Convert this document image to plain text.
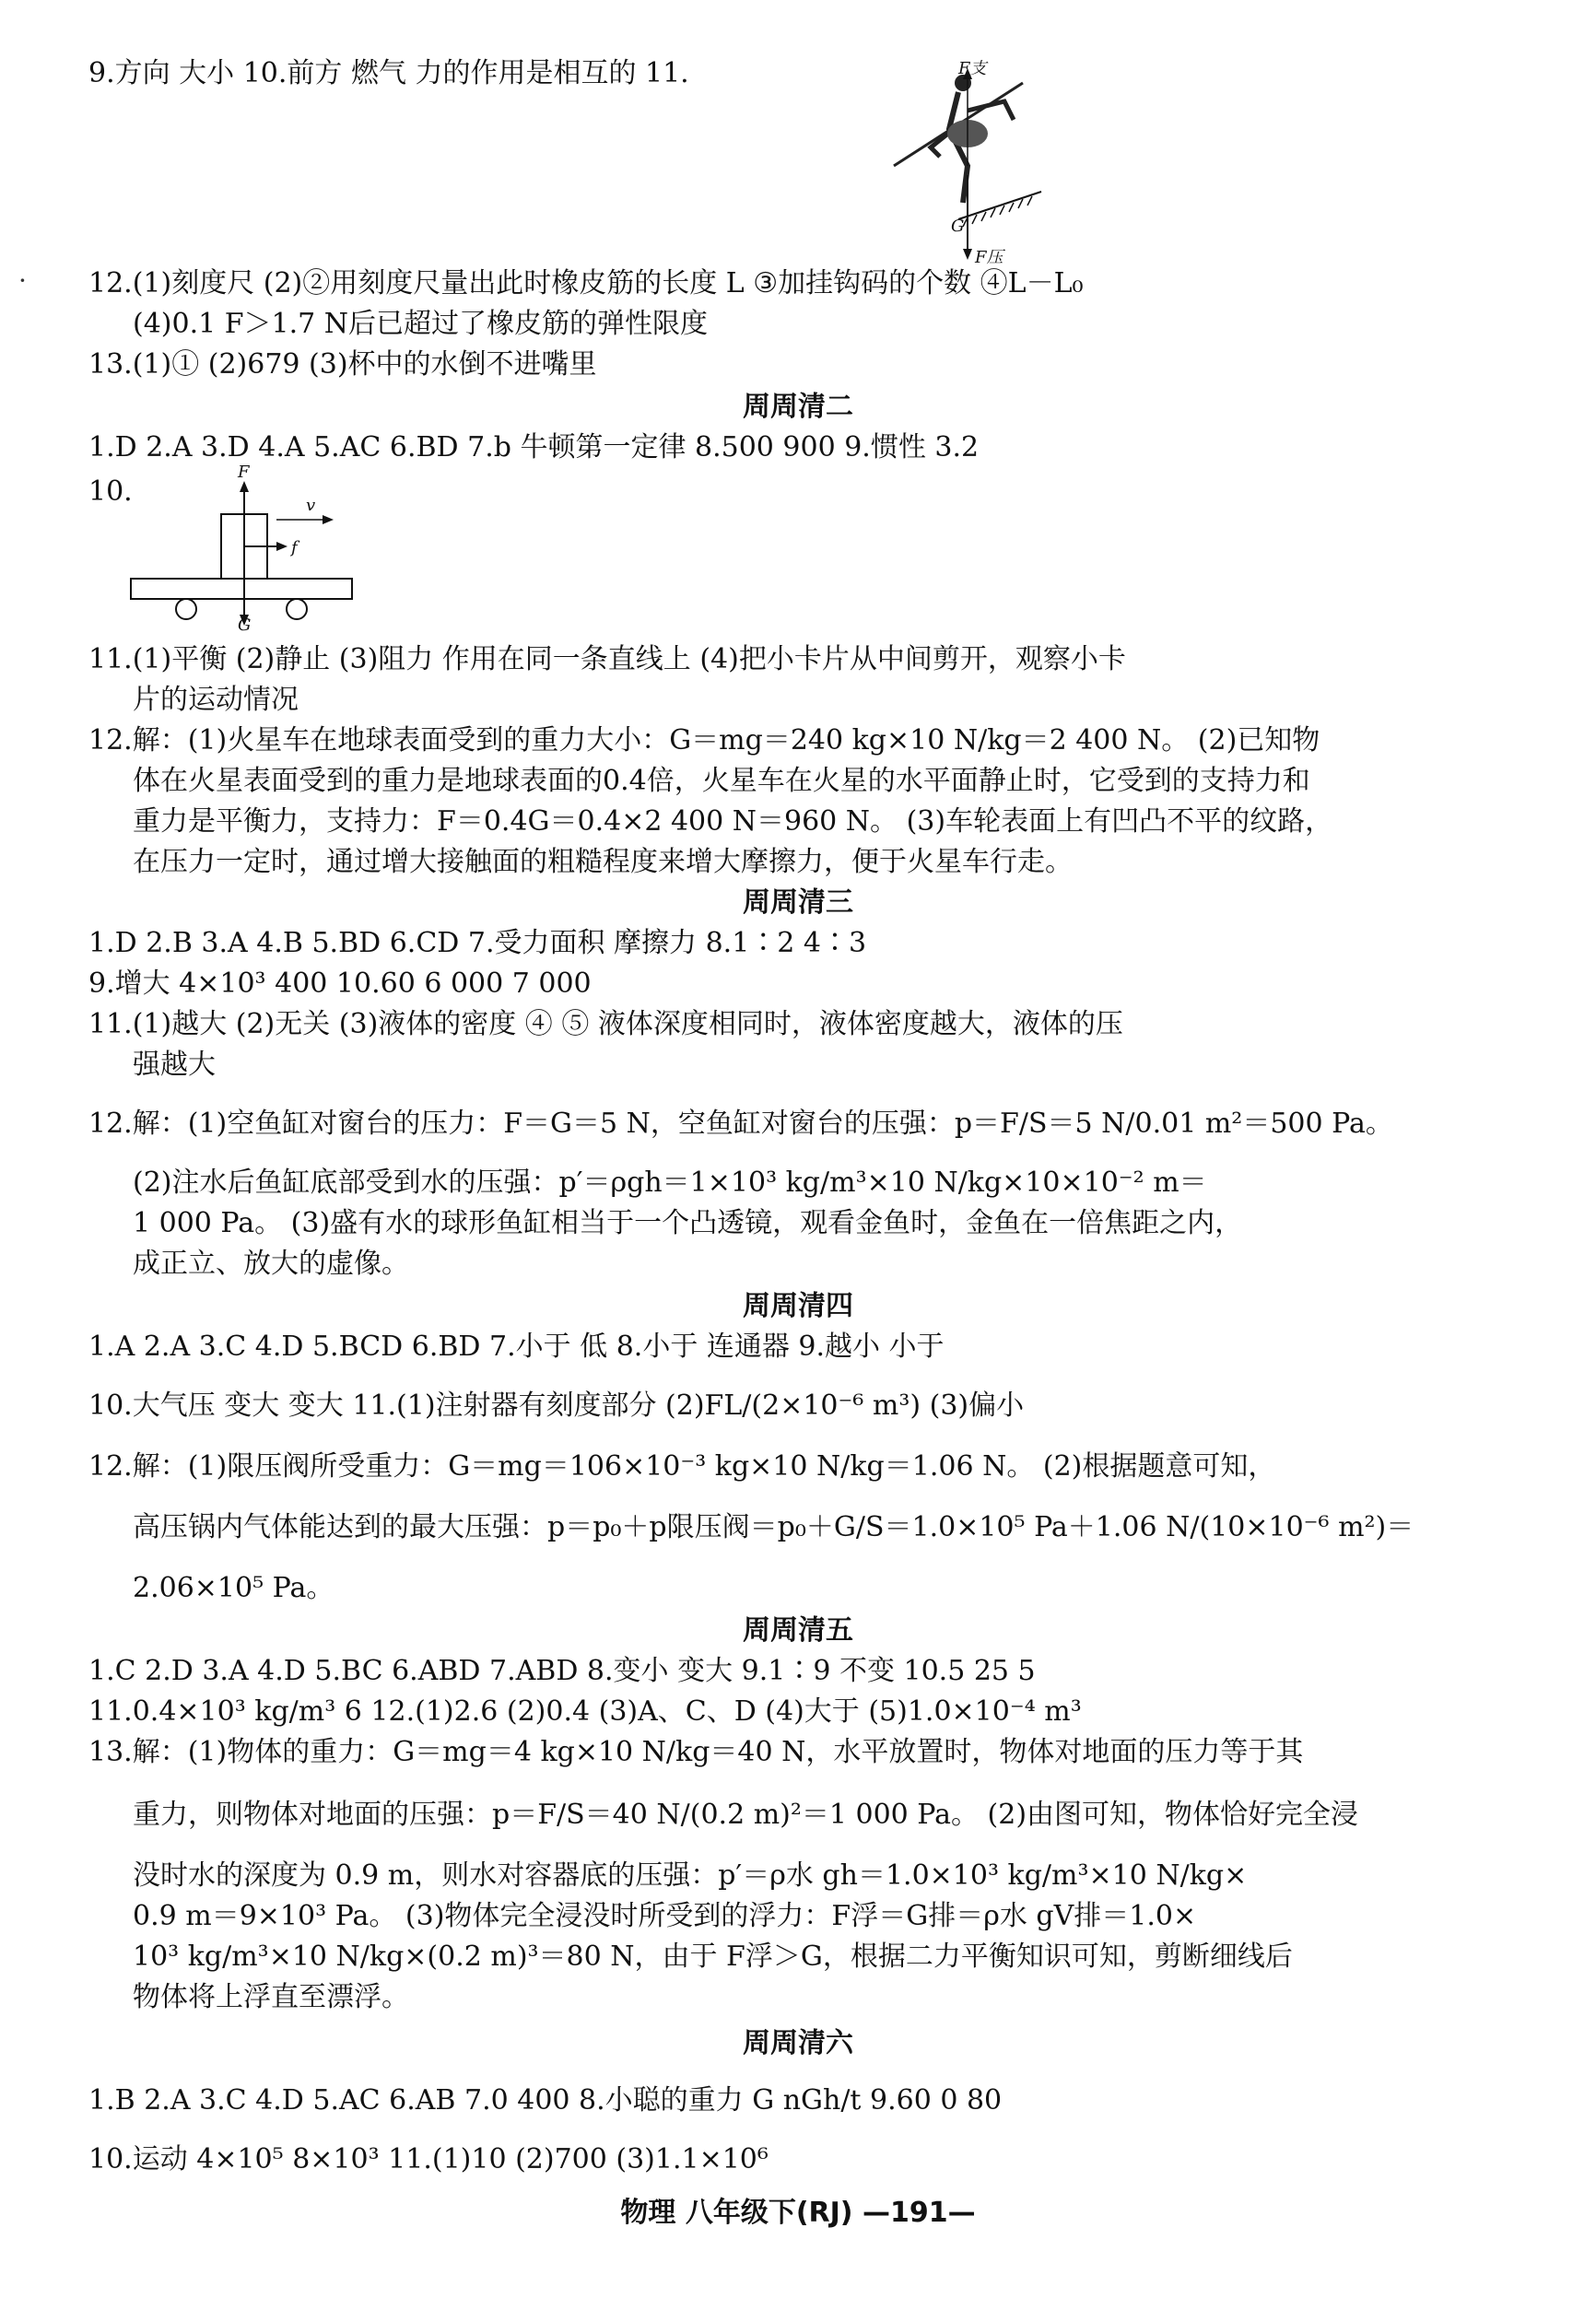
9.方向 大小 10.前方 燃气 力的作用是相互的 11.	F支
G
F压
· 12.(1)刻度尺 (2)②用刻度尺量出此时橡皮筋的长度 L ③加挂钩码的个数 ④L－L₀
(4)0.1 F＞1.7 N后已超过了橡皮筋的弹性限度
13.(1)① (2)679 (3)杯中的水倒不进嘴里
周周清二
1.D 2.A 3.D 4.A 5.AC 6.BD 7.b 牛顿第一定律 8.500 900 9.惯性 3.2
10.
F
v
f
G
11.(1)平衡 (2)静止 (3)阻力 作用在同一条直线上 (4)把小卡片从中间剪开，观察小卡
片的运动情况
12.解：(1)火星车在地球表面受到的重力大小：G＝mg＝240 kg×10 N/kg＝2 400 N。 (2)已知物
体在火星表面受到的重力是地球表面的0.4倍，火星车在火星的水平面静止时，它受到的支持力和
重力是平衡力，支持力：F＝0.4G＝0.4×2 400 N＝960 N。 (3)车轮表面上有凹凸不平的纹路，
在压力一定时，通过增大接触面的粗糙程度来增大摩擦力，便于火星车行走。
周周清三
1.D 2.B 3.A 4.B 5.BD 6.CD 7.受力面积 摩擦力 8.1∶2 4∶3
9.增大 4×10³ 400 10.60 6 000 7 000
11.(1)越大 (2)无关 (3)液体的密度 ④ ⑤ 液体深度相同时，液体密度越大，液体的压
强越大
12.解：(1)空鱼缸对窗台的压力：F＝G＝5 N，空鱼缸对窗台的压强：p＝F/S＝5 N/0.01 m²＝500 Pa。
(2)注水后鱼缸底部受到水的压强：p′＝ρgh＝1×10³ kg/m³×10 N/kg×10×10⁻² m＝
1 000 Pa。 (3)盛有水的球形鱼缸相当于一个凸透镜，观看金鱼时，金鱼在一倍焦距之内，
成正立、放大的虚像。
周周清四
1.A 2.A 3.C 4.D 5.BCD 6.BD 7.小于 低 8.小于 连通器 9.越小 小于
10.大气压 变大 变大 11.(1)注射器有刻度部分 (2)FL/(2×10⁻⁶ m³) (3)偏小
12.解：(1)限压阀所受重力：G＝mg＝106×10⁻³ kg×10 N/kg＝1.06 N。 (2)根据题意可知，
高压锅内气体能达到的最大压强：p＝p₀＋p限压阀＝p₀＋G/S＝1.0×10⁵ Pa＋1.06 N/(10×10⁻⁶ m²)＝
2.06×10⁵ Pa。
周周清五
1.C 2.D 3.A 4.D 5.BC 6.ABD 7.ABD 8.变小 变大 9.1∶9 不变 10.5 25 5
11.0.4×10³ kg/m³ 6 12.(1)2.6 (2)0.4 (3)A、C、D (4)大于 (5)1.0×10⁻⁴ m³
13.解：(1)物体的重力：G＝mg＝4 kg×10 N/kg＝40 N，水平放置时，物体对地面的压力等于其
重力，则物体对地面的压强：p＝F/S＝40 N/(0.2 m)²＝1 000 Pa。 (2)由图可知，物体恰好完全浸
没时水的深度为 0.9 m，则水对容器底的压强：p′＝ρ水 gh＝1.0×10³ kg/m³×10 N/kg×
0.9 m＝9×10³ Pa。 (3)物体完全浸没时所受到的浮力：F浮＝G排＝ρ水 gV排＝1.0×
10³ kg/m³×10 N/kg×(0.2 m)³＝80 N，由于 F浮＞G，根据二力平衡知识可知，剪断细线后
物体将上浮直至漂浮。
周周清六
1.B 2.A 3.C 4.D 5.AC 6.AB 7.0 400 8.小聪的重力 G nGh/t 9.60 0 80
10.运动 4×10⁵ 8×10³ 11.(1)10 (2)700 (3)1.1×10⁶
物理 八年级下(RJ) —191—
